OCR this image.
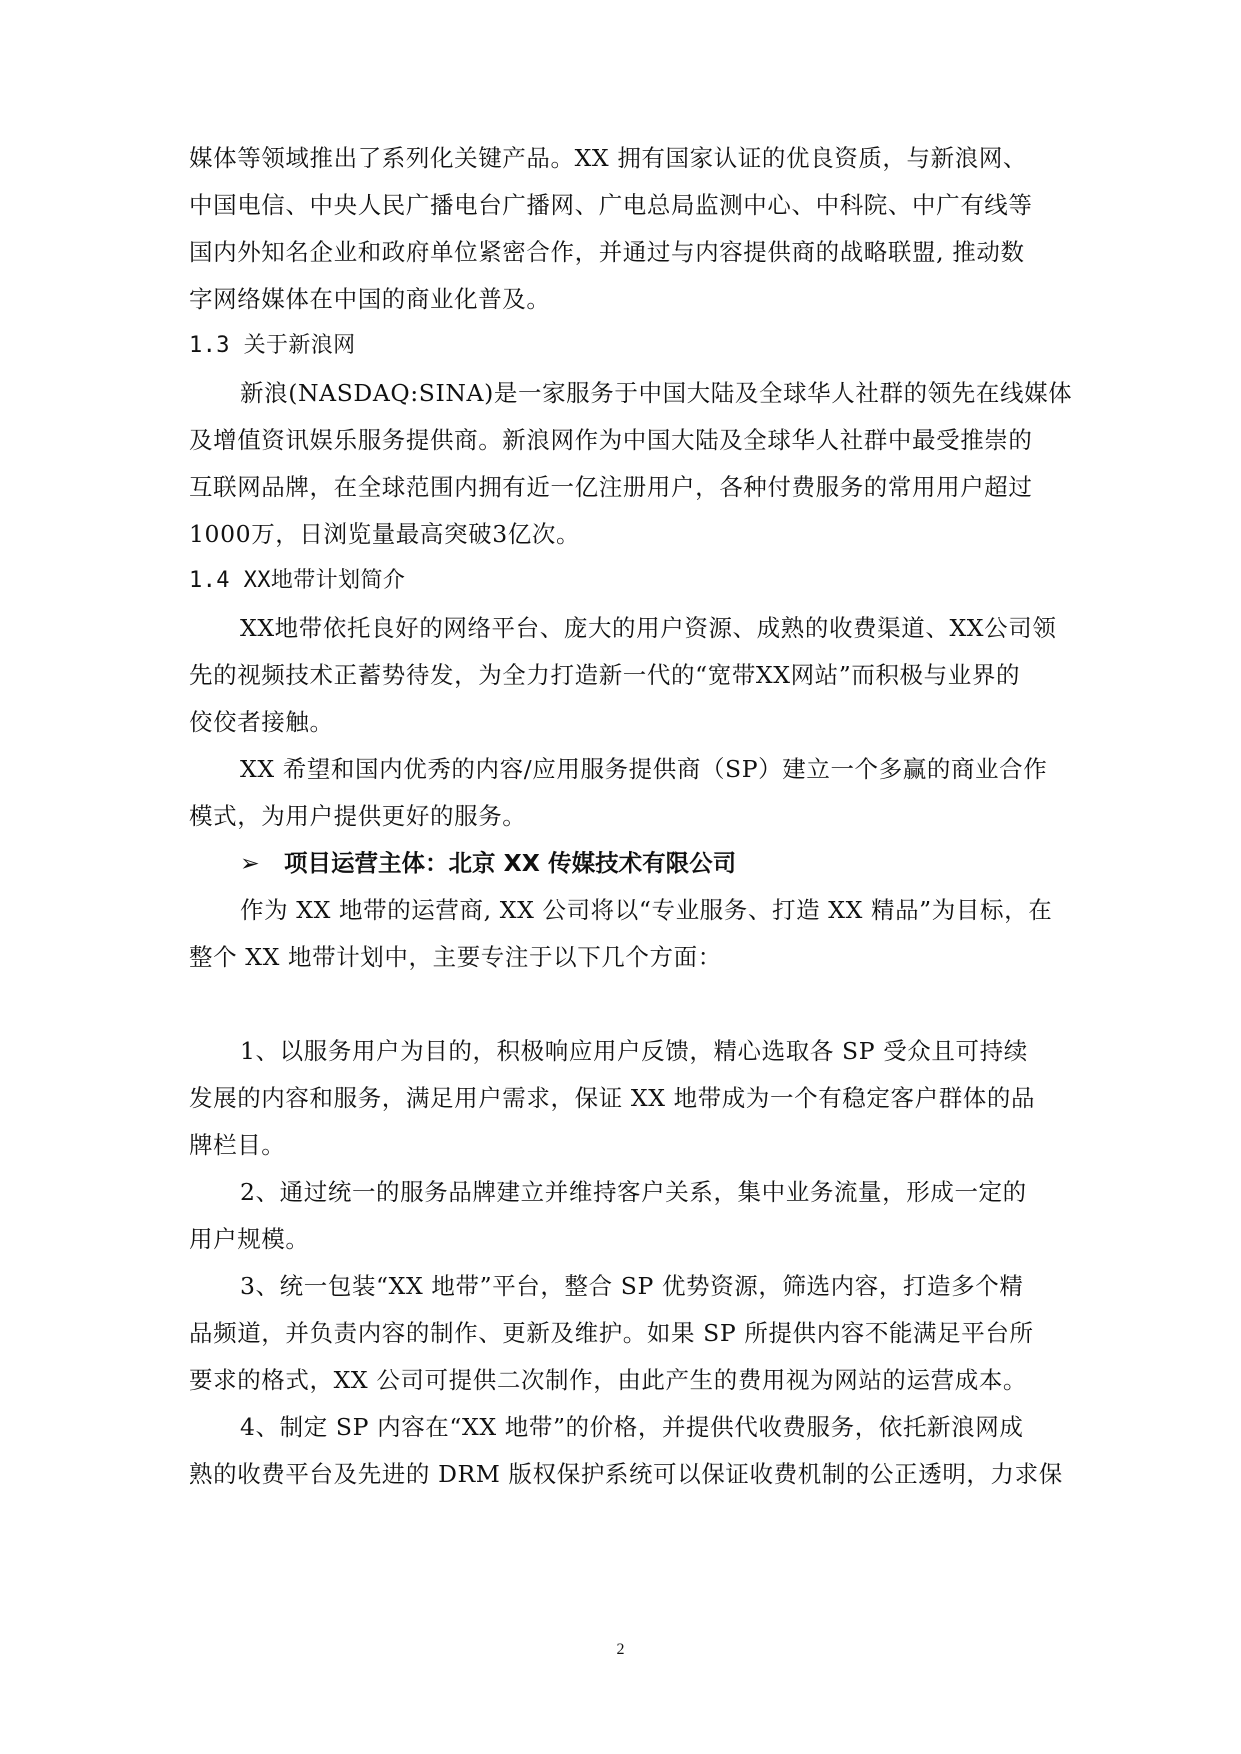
媒体等领域推出了系列化关键产品。XX 拥有国家认证的优良资质，与新浪网、
中国电信、中央人民广播电台广播网、广电总局监测中心、中科院、中广有线等
国内外知名企业和政府单位紧密合作，并通过与内容提供商的战略联盟, 推动数
字网络媒体在中国的商业化普及。
1.3 关于新浪网
新浪(NASDAQ:SINA)是一家服务于中国大陆及全球华人社群的领先在线媒体
及增值资讯娱乐服务提供商。新浪网作为中国大陆及全球华人社群中最受推崇的
互联网品牌，在全球范围内拥有近一亿注册用户，各种付费服务的常用用户超过
1000万，日浏览量最高突破3亿次。
1.4 XX地带计划简介
XX地带依托良好的网络平台、庞大的用户资源、成熟的收费渠道、XX公司领
先的视频技术正蓄势待发，为全力打造新一代的“宽带XX网站”而积极与业界的
佼佼者接触。
XX 希望和国内优秀的内容/应用服务提供商（SP）建立一个多赢的商业合作
模式，为用户提供更好的服务。
➢ 项目运营主体：北京 XX 传媒技术有限公司
作为 XX 地带的运营商, XX 公司将以“专业服务、打造 XX 精品”为目标，在
整个 XX 地带计划中，主要专注于以下几个方面：
1、以服务用户为目的，积极响应用户反馈，精心选取各 SP 受众且可持续
发展的内容和服务，满足用户需求，保证 XX 地带成为一个有稳定客户群体的品
牌栏目。
2、通过统一的服务品牌建立并维持客户关系，集中业务流量，形成一定的
用户规模。
3、统一包装“XX 地带”平台，整合 SP 优势资源，筛选内容，打造多个精
品频道，并负责内容的制作、更新及维护。如果 SP 所提供内容不能满足平台所
要求的格式，XX 公司可提供二次制作，由此产生的费用视为网站的运营成本。
4、制定 SP 内容在“XX 地带”的价格，并提供代收费服务，依托新浪网成
熟的收费平台及先进的 DRM 版权保护系统可以保证收费机制的公正透明，力求保
2
